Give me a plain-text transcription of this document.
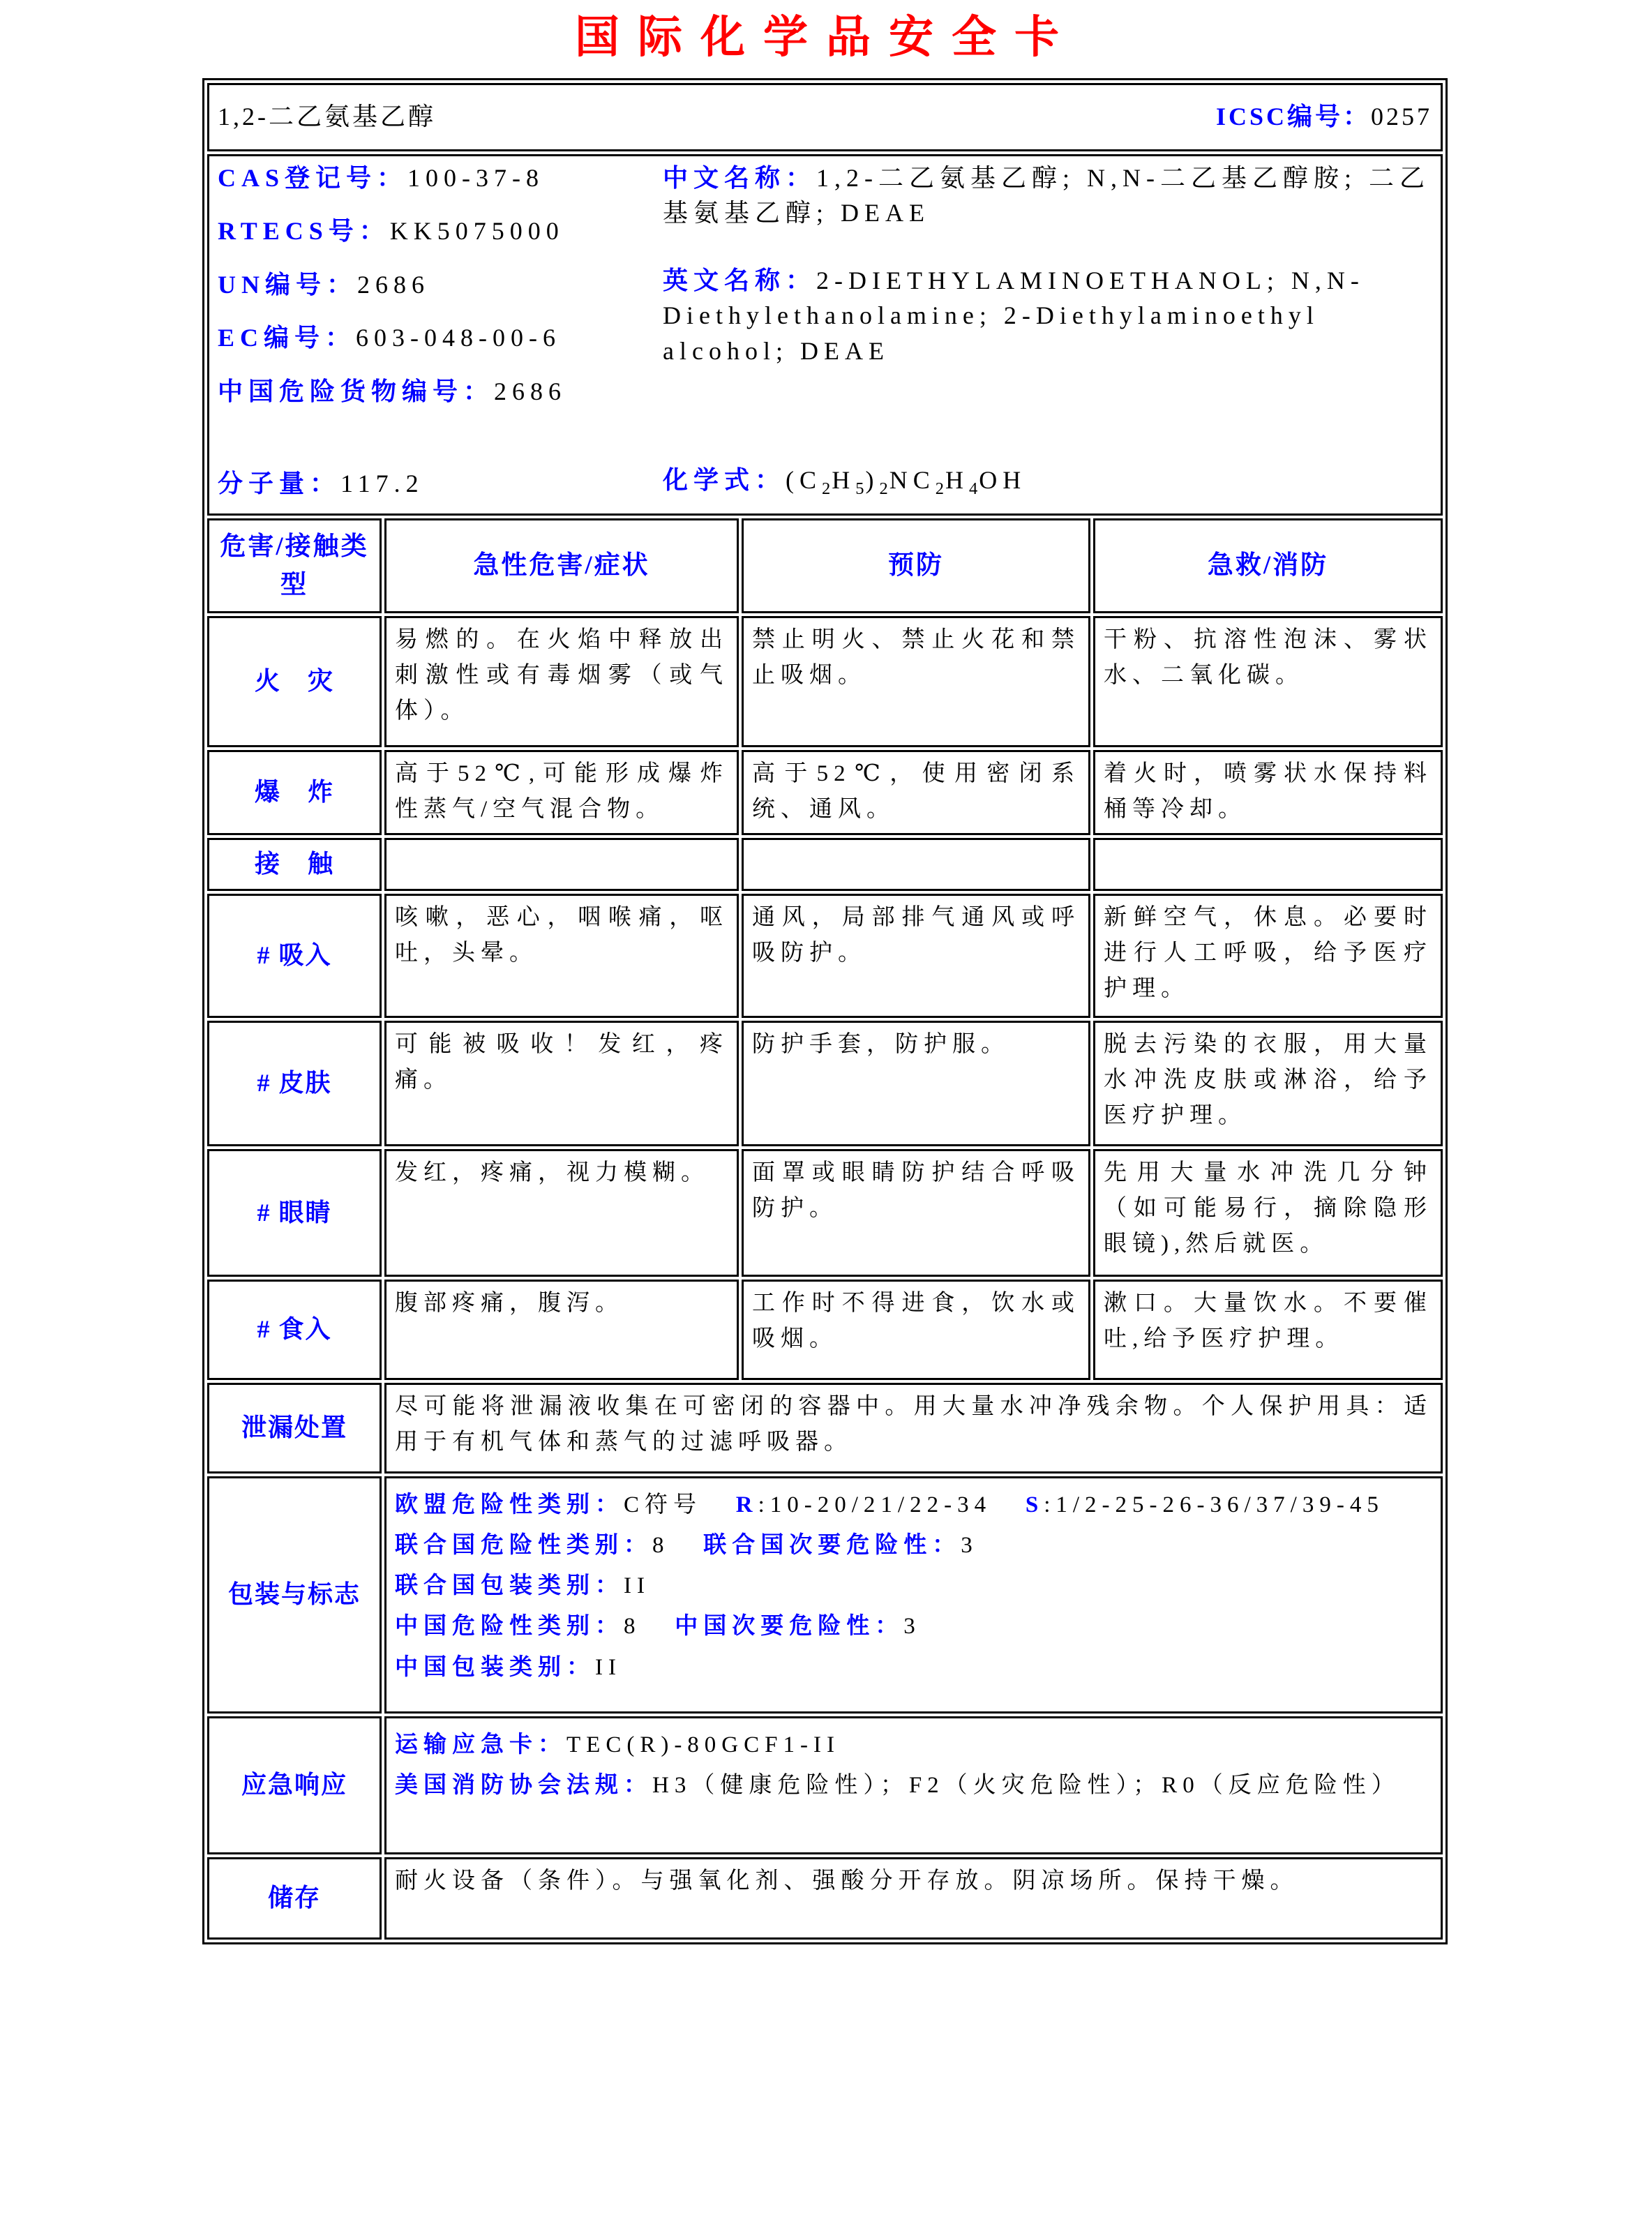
国际化学品安全卡
1,2-二乙氨基乙醇 ICSC编号：0257			

CAS登记号：100-37-8
RTECS号：KK5075000
UN编号：2686
EC编号：603-048-00-6
中国危险货物编号：2686
分子量：117.2
中文名称：1,2-二乙氨基乙醇; N,N-二乙基乙醇胺; 二乙基氨基乙醇; DEAE
英文名称：2-DIETHYLAMINOETHANOL; N,N-Diethylethanolamine; 2-Diethylaminoethyl alcohol; DEAE
化学式：$(C_2H_5)_2NC_2H_4OH$

危害/接触类型	急性危害/症状	预防	急救/消防
火　灾	易燃的。在火焰中释放出刺激性或有毒烟雾（或气体）。	禁止明火、禁止火花和禁止吸烟。	干粉、抗溶性泡沫、雾状水、二氧化碳。
爆　炸	高于52℃,可能形成爆炸性蒸气/空气混合物。	高于52℃，使用密闭系统、通风。	着火时，喷雾状水保持料桶等冷却。
接　触			
# 吸入	咳嗽，恶心，咽喉痛，呕吐，头晕。	通风，局部排气通风或呼吸防护。	新鲜空气，休息。必要时进行人工呼吸，给予医疗护理。
# 皮肤	可能被吸收！发红，疼痛。	防护手套，防护服。	脱去污染的衣服，用大量水冲洗皮肤或淋浴，给予医疗护理。
# 眼睛	发红，疼痛，视力模糊。	面罩或眼睛防护结合呼吸防护。	先用大量水冲洗几分钟（如可能易行，摘除隐形眼镜),然后就医。
# 食入	腹部疼痛，腹泻。	工作时不得进食，饮水或吸烟。	漱口。大量饮水。不要催吐,给予医疗护理。
泄漏处置	尽可能将泄漏液收集在可密闭的容器中。用大量水冲净残余物。个人保护用具：适用于有机气体和蒸气的过滤呼吸器。		
包装与标志	欧盟危险性类别：C符号   R:10-20/21/22-34   S:1/2-25-26-36/37/39-45
联合国危险性类别：8   联合国次要危险性：3
联合国包装类别：II
中国危险性类别：8   中国次要危险性：3
中国包装类别：II		

应急响应	运输应急卡：TEC(R)-80GCF1-II
美国消防协会法规：H3（健康危险性）；F2（火灾危险性）；R0（反应危险性）		

储存	耐火设备（条件）。与强氧化剂、强酸分开存放。阴凉场所。保持干燥。		
